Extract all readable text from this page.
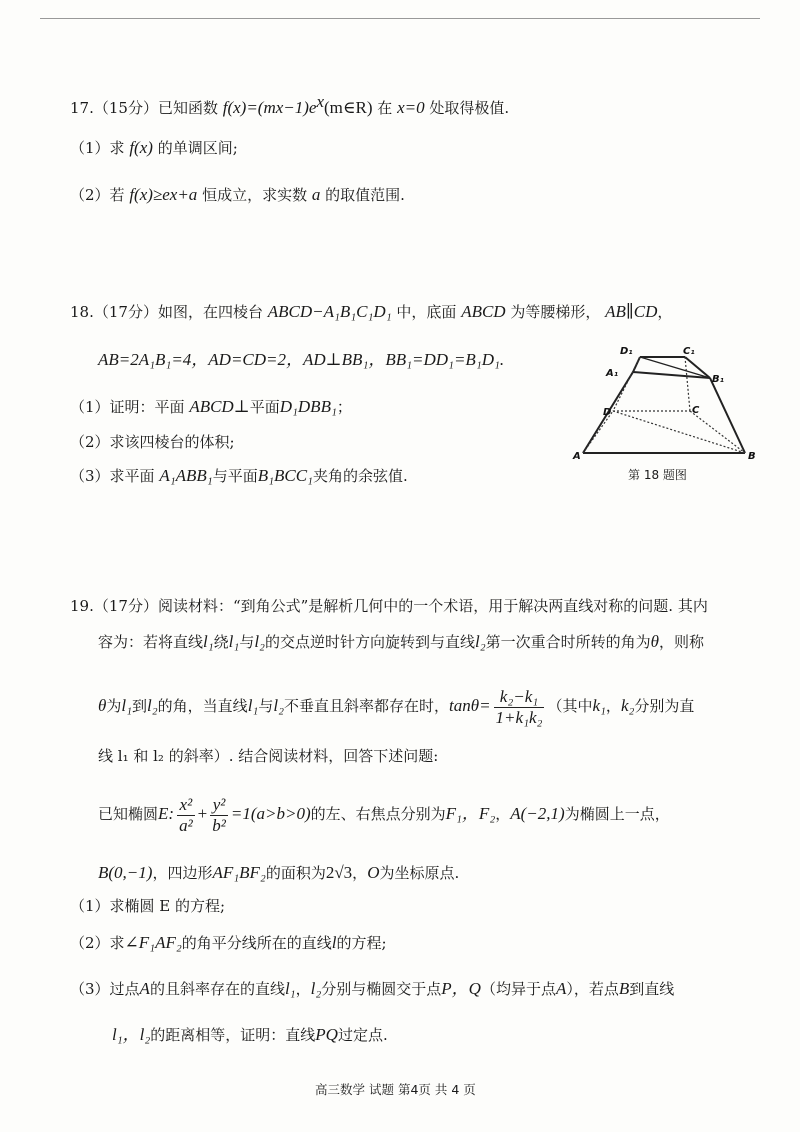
17.（15分）已知函数 $f(x)=(mx-1)e^x(m\in R)$ 在 x=0 处取得极值.
（1）求 f(x) 的单调区间;
（2）若 f(x)≥ex+a 恒成立，求实数 a 的取值范围.
18.（17分）如图，在四棱台 ABCD−A₁B₁C₁D₁ 中，底面 ABCD 为等腰梯形， AB∥CD，
AB=2A₁B₁=4，AD=CD=2，AD⊥BB₁，BB₁=DD₁=B₁D₁.
（1）证明：平面 ABCD⊥平面D₁DBB₁；
（2）求该四棱台的体积;
（3）求平面 A₁ABB₁与平面B₁BCC₁夹角的余弦值.
D₁	C₁
A₁
B₁
D	C
A	B
第 18 题图
19.（17分）阅读材料：“到角公式”是解析几何中的一个术语，用于解决两直线对称的问题. 其内
容为：若将直线l₁绕l₁与l₂的交点逆时针方向旋转到与直线l₂第一次重合时所转的角为θ，则称
θ为l₁到l₂的角，当直线l₁与l₂不垂直且斜率都存在时，$\tan\theta= \frac{\text{k₂−k₁}}{\text{1+k₁k₂}}$ （其中k₁，k₂分别为直
线 l₁ 和 l₂ 的斜率）. 结合阅读材料，回答下述问题:
已知椭圆E: $\frac{\text{x²}}{\text{a²}} + \frac{\text{y²}}{\text{b²}} =1(a>b>0)$的左、右焦点分别为F₁，F₂，A(−2,1)为椭圆上一点，
B(0,−1)，四边形AF₁BF₂的面积为2√3，O为坐标原点.
（1）求椭圆 E 的方程;
（2）求∠F₁AF₂的角平分线所在的直线l的方程;
（3）过点A的且斜率存在的直线l₁，l₂分别与椭圆交于点P，Q（均异于点A），若点B到直线
l₁，l₂的距离相等，证明：直线PQ过定点.
高三数学 试题 第4页 共 4 页
